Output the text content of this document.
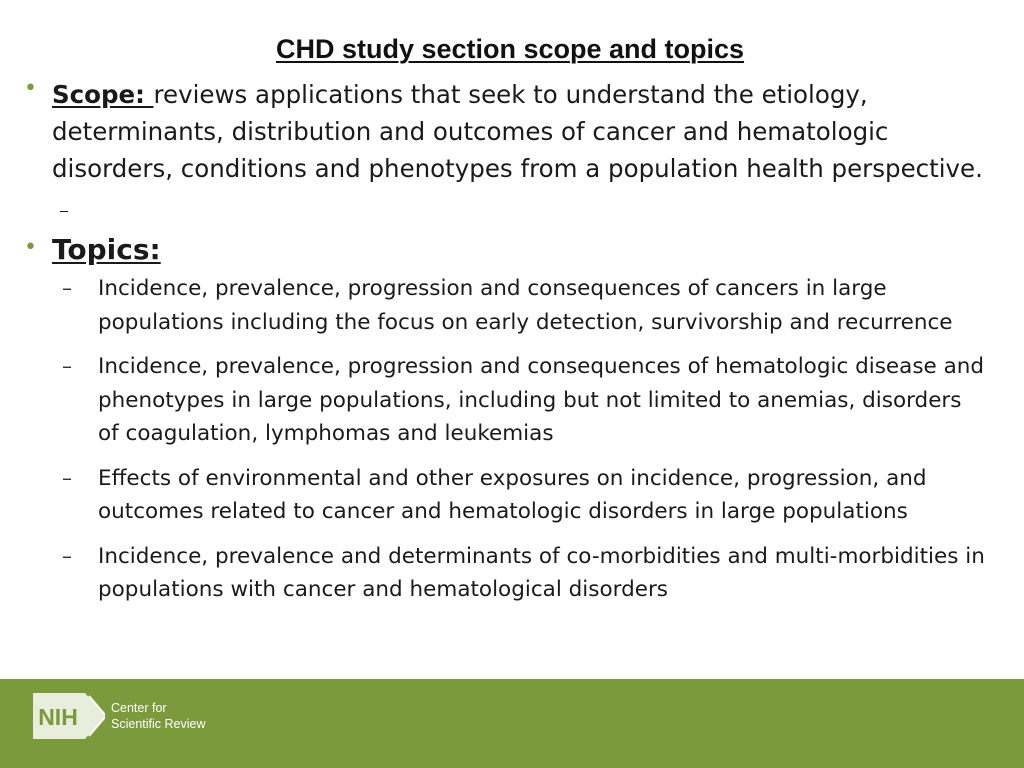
CHD study section scope and topics
• Scope: reviews applications that seek to understand the etiology, determinants, distribution and outcomes of cancer and hematologic disorders, conditions and phenotypes from a population health perspective.
• Topics:
– Incidence, prevalence, progression and consequences of cancers in large populations including the focus on early detection, survivorship and recurrence
– Incidence, prevalence, progression and consequences of hematologic disease and phenotypes in large populations, including but not limited to anemias, disorders of coagulation, lymphomas and leukemias
– Effects of environmental and other exposures on incidence, progression, and outcomes related to cancer and hematologic disorders in large populations
– Incidence, prevalence and determinants of co-morbidities and multi-morbidities in populations with cancer and hematological disorders
NIH	Center for
Scientific Review
